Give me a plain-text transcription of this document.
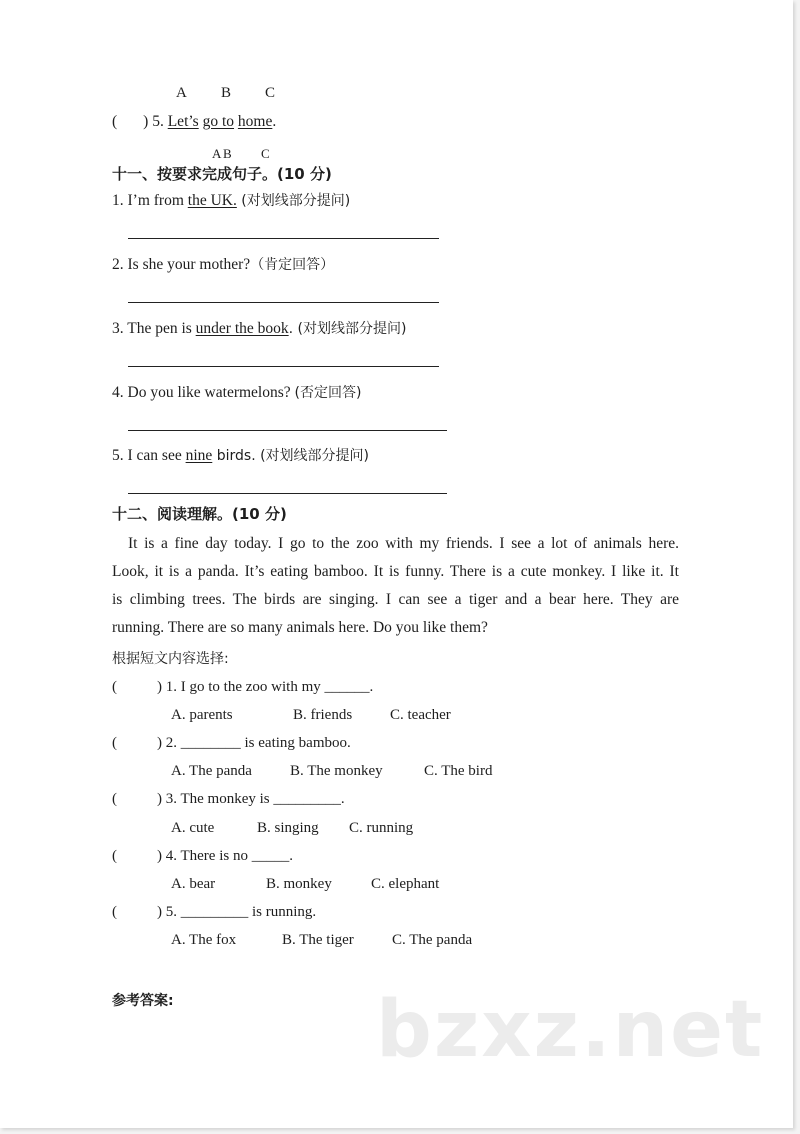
A B C
( ) 5. Let’s go to home.
A B C
十一、按要求完成句子。(10 分)
1. I’m from the UK. (对划线部分提问)
2. Is she your mother?（肯定回答）
3. The pen is under the book. (对划线部分提问)
4. Do you like watermelons? (否定回答)
5. I can see nine birds. (对划线部分提问)
十二、阅读理解。(10 分)
It is a fine day today. I go to the zoo with my friends. I see a lot of animals here.
Look, it is a panda. It’s eating bamboo. It is funny. There is a cute monkey. I like it. It
is climbing trees. The birds are singing. I can see a tiger and a bear here. They are
running. There are so many animals here. Do you like them?
根据短文内容选择:
(	) 1. I go to the zoo with my ______.
A. parents	B. friends	C. teacher
(	) 2. ________ is eating bamboo.
A. The panda	B. The monkey	C. The bird
(	) 3. The monkey is _________.
A. cute	B. singing C. running
(	) 4. There is no _____.
A. bear	B. monkey	C. elephant
(	) 5. _________ is running.
A. The fox	B. The tiger	C. The panda
参考答案:	bzxz.net
